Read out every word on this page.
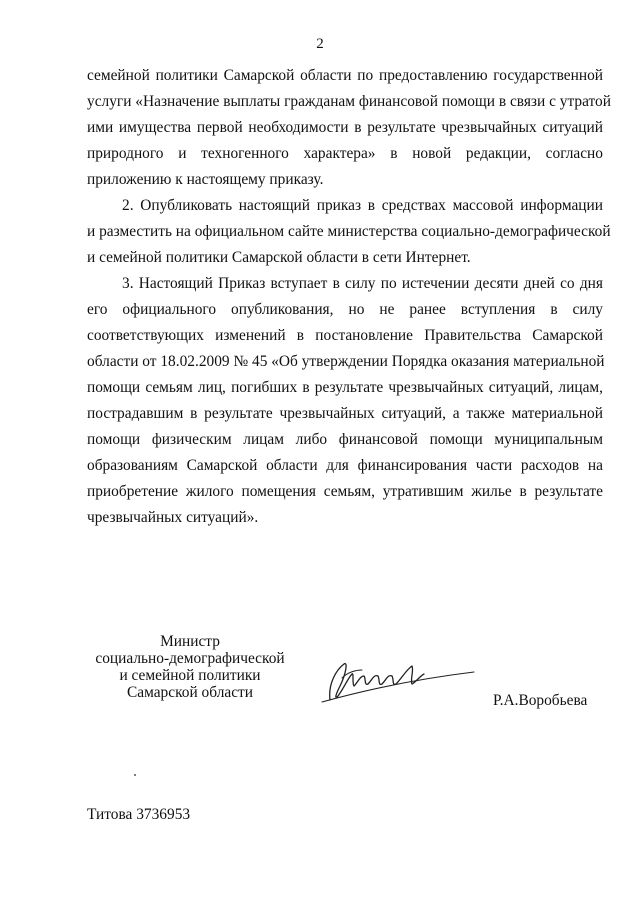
2
семейной политики Самарской области по предоставлению государственной
услуги «Назначение выплаты гражданам финансовой помощи в связи с утратой
ими имущества первой необходимости в результате чрезвычайных ситуаций
природного и техногенного характера» в новой редакции, согласно
приложению к настоящему приказу.
2. Опубликовать настоящий приказ в средствах массовой информации
и разместить на официальном сайте министерства социально-демографической
и семейной политики Самарской области в сети Интернет.
3. Настоящий Приказ вступает в силу по истечении десяти дней со дня
его официального опубликования, но не ранее вступления в силу
соответствующих изменений в постановление Правительства Самарской
области от 18.02.2009 № 45 «Об утверждении Порядка оказания материальной
помощи семьям лиц, погибших в результате чрезвычайных ситуаций, лицам,
пострадавшим в результате чрезвычайных ситуаций, а также материальной
помощи физическим лицам либо финансовой помощи муниципальным
образованиям Самарской области для финансирования части расходов на
приобретение жилого помещения семьям, утратившим жилье в результате
чрезвычайных ситуаций».
Министр
социально-демографической
и семейной политики
Самарской области	Р.А.Воробьева
Титова 3736953
